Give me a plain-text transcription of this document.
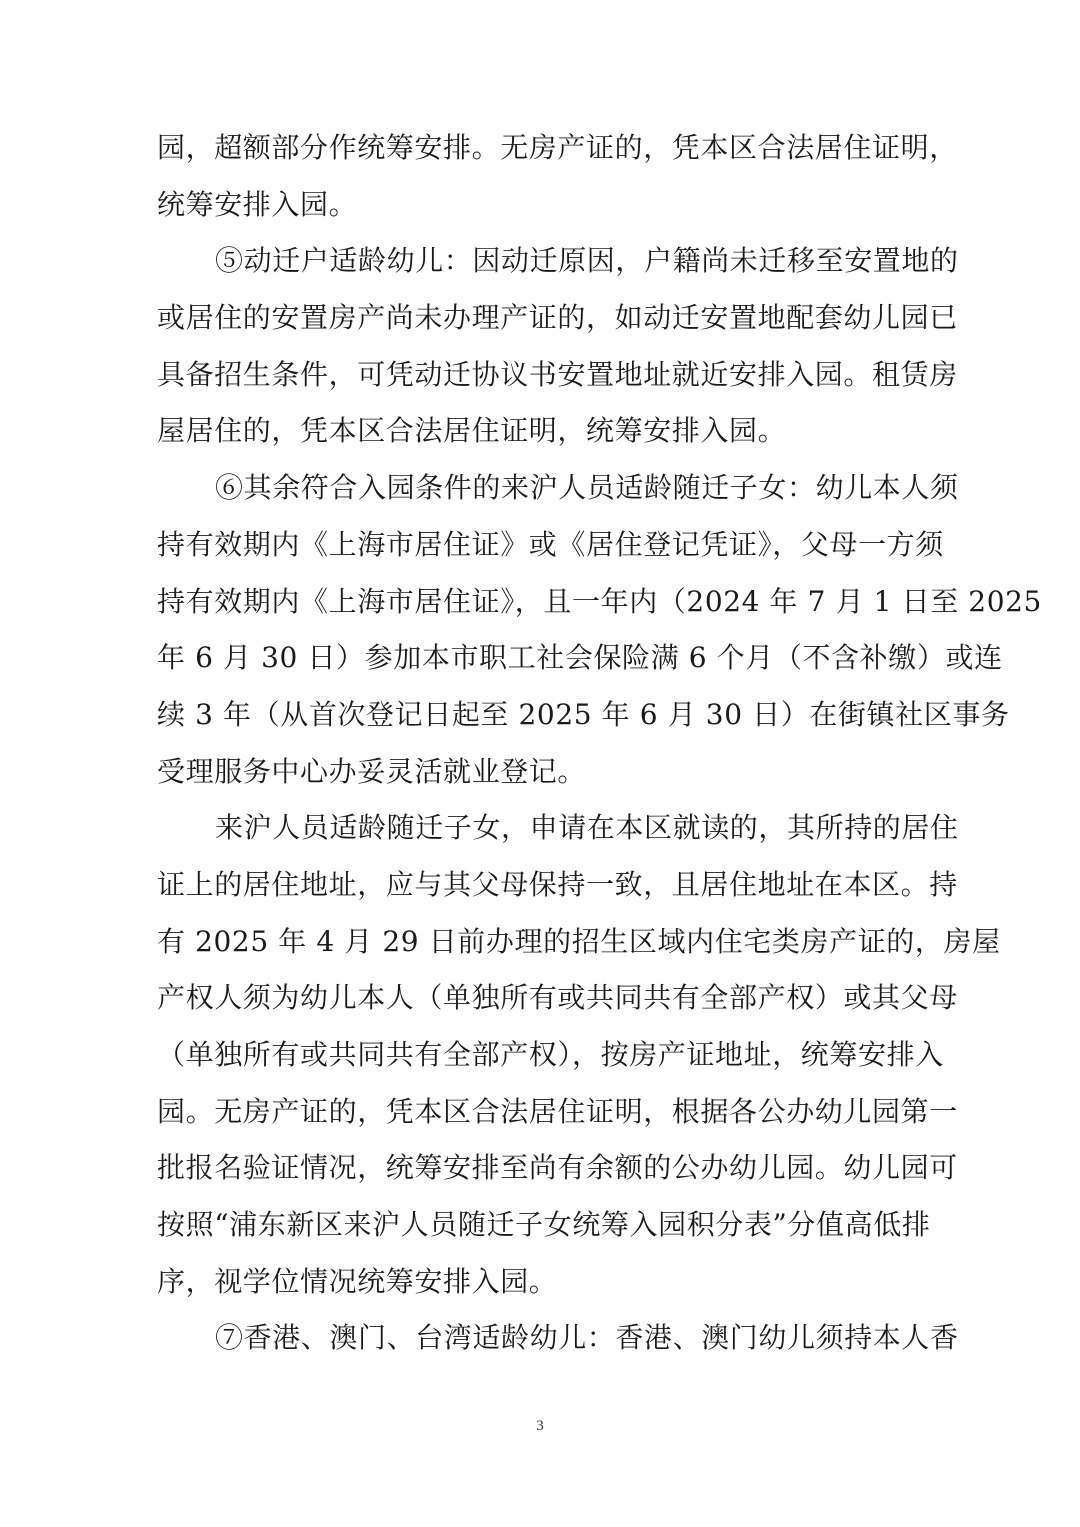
园，超额部分作统筹安排。无房产证的，凭本区合法居住证明，
统筹安排入园。
⑤动迁户适龄幼儿：因动迁原因，户籍尚未迁移至安置地的
或居住的安置房产尚未办理产证的，如动迁安置地配套幼儿园已
具备招生条件，可凭动迁协议书安置地址就近安排入园。租赁房
屋居住的，凭本区合法居住证明，统筹安排入园。
⑥其余符合入园条件的来沪人员适龄随迁子女：幼儿本人须
持有效期内《上海市居住证》或《居住登记凭证》，父母一方须
持有效期内《上海市居住证》，且一年内（2024 年 7 月 1 日至 2025
年 6 月 30 日）参加本市职工社会保险满 6 个月（不含补缴）或连
续 3 年（从首次登记日起至 2025 年 6 月 30 日）在街镇社区事务
受理服务中心办妥灵活就业登记。
来沪人员适龄随迁子女，申请在本区就读的，其所持的居住
证上的居住地址，应与其父母保持一致，且居住地址在本区。持
有 2025 年 4 月 29 日前办理的招生区域内住宅类房产证的，房屋
产权人须为幼儿本人（单独所有或共同共有全部产权）或其父母
（单独所有或共同共有全部产权），按房产证地址，统筹安排入
园。无房产证的，凭本区合法居住证明，根据各公办幼儿园第一
批报名验证情况，统筹安排至尚有余额的公办幼儿园。幼儿园可
按照“浦东新区来沪人员随迁子女统筹入园积分表”分值高低排
序，视学位情况统筹安排入园。
⑦香港、澳门、台湾适龄幼儿：香港、澳门幼儿须持本人香
3
